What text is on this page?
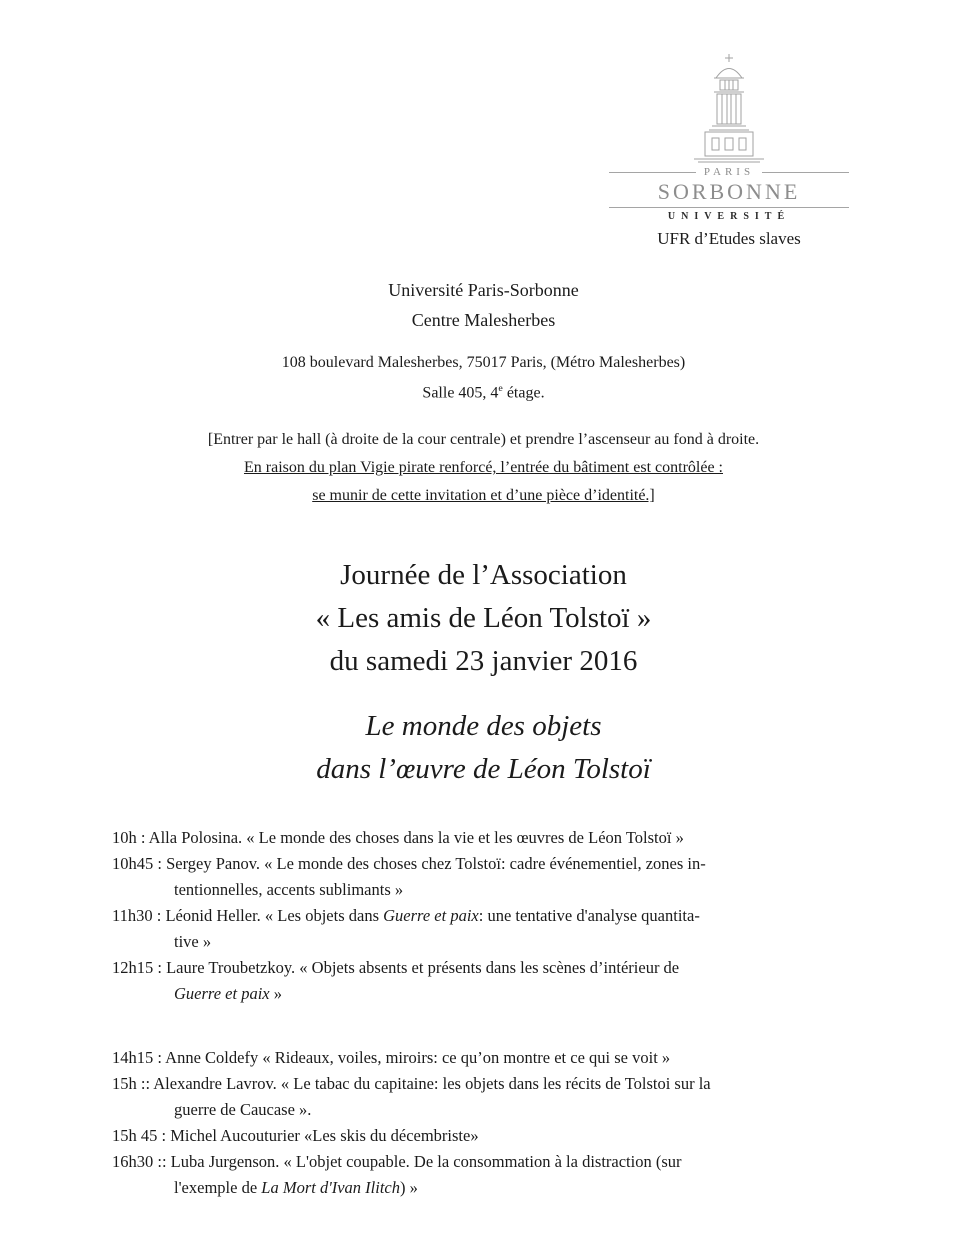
PARIS
SORBONNE
UNIVERSITÉ
UFR d’Etudes slaves
Université Paris-Sorbonne
Centre Malesherbes
108 boulevard Malesherbes, 75017 Paris, (Métro Malesherbes)
Salle 405, 4e étage.
[Entrer par le hall (à droite de la cour centrale) et prendre l’ascenseur au fond à droite.
En raison du plan Vigie pirate renforcé, l’entrée du bâtiment est contrôlée :
se munir de cette invitation et d’une pièce d’identité.]
Journée de l’Association
« Les amis de Léon Tolstoï »
du samedi 23 janvier 2016
Le monde des objets
dans l’œuvre de Léon Tolstoï
10h : Alla Polosina. « Le monde des choses dans la vie et les œuvres de Léon Tolstoï »
10h45 : Sergey Panov. « Le monde des choses chez Tolstoï: cadre événementiel, zones in-
tentionnelles, accents sublimants »
11h30 : Léonid Heller. « Les objets dans Guerre et paix: une tentative d'analyse quantita-
tive »
12h15 : Laure Troubetzkoy. « Objets absents et présents dans les scènes d’intérieur de
Guerre et paix »
14h15 : Anne Coldefy « Rideaux, voiles, miroirs: ce qu’on montre et ce qui se voit »
15h :: Alexandre Lavrov. « Le tabac du capitaine: les objets dans les récits de Tolstoi sur la
guerre de Caucase ».
15h 45 : Michel Aucouturier «Les skis du décembriste»
16h30 :: Luba Jurgenson. « L'objet coupable. De la consommation à la distraction (sur
l'exemple de La Mort d'Ivan Ilitch) »
